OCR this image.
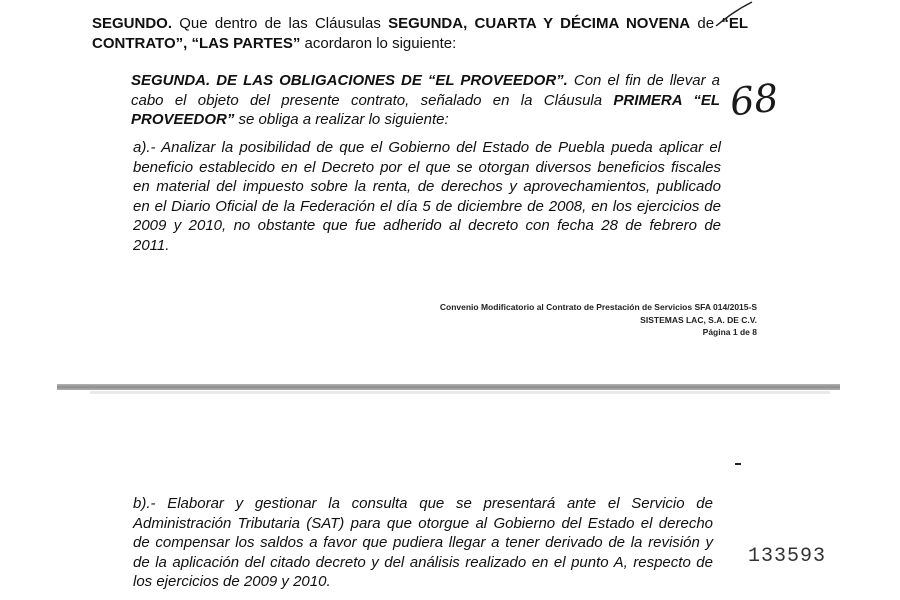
SEGUNDO. Que dentro de las Cláusulas SEGUNDA, CUARTA Y DÉCIMA NOVENA de “EL
CONTRATO”, “LAS PARTES” acordaron lo siguiente:

SEGUNDA. DE LAS OBLIGACIONES DE “EL PROVEEDOR”. Con el fin de llevar a cabo el objeto del presente contrato, señalado en la Cláusula PRIMERA “EL PROVEEDOR” se obliga a realizar lo siguiente:

a).- Analizar la posibilidad de que el Gobierno del Estado de Puebla pueda aplicar el
beneficio establecido en el Decreto por el que se otorgan diversos beneficios fiscales
en material del impuesto sobre la renta, de derechos y aprovechamientos, publicado
en el Diario Oficial de la Federación el día 5 de diciembre de 2008, en los ejercicios de
2009 y 2010, no obstante que fue adherido al decreto con fecha 28 de febrero de
2011.

Convenio Modificatorio al Contrato de Prestación de Servicios SFA 014/2015-S
SISTEMAS LAC, S.A. DE C.V.
Página 1 de 8
68

b).- Elaborar y gestionar la consulta que se presentará ante el Servicio de
Administración Tributaria (SAT) para que otorgue al Gobierno del Estado el derecho
de compensar los saldos a favor que pudiera llegar a tener derivado de la revisión y
de la aplicación del citado decreto y del análisis realizado en el punto A, respecto de
los ejercicios de 2009 y 2010.

133593
